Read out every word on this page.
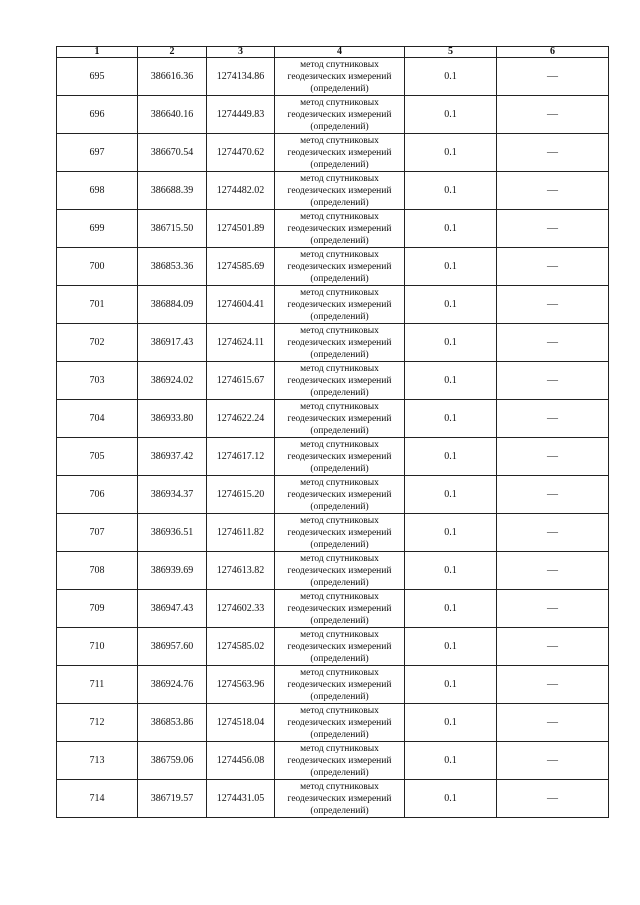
1	2	3	4	5	6
695	386616.36	1274134.86	метод спутниковых геодезических измерений (определений)	0.1	—
696	386640.16	1274449.83	метод спутниковых геодезических измерений (определений)	0.1	—
697	386670.54	1274470.62	метод спутниковых геодезических измерений (определений)	0.1	—
698	386688.39	1274482.02	метод спутниковых геодезических измерений (определений)	0.1	—
699	386715.50	1274501.89	метод спутниковых геодезических измерений (определений)	0.1	—
700	386853.36	1274585.69	метод спутниковых геодезических измерений (определений)	0.1	—
701	386884.09	1274604.41	метод спутниковых геодезических измерений (определений)	0.1	—
702	386917.43	1274624.11	метод спутниковых геодезических измерений (определений)	0.1	—
703	386924.02	1274615.67	метод спутниковых геодезических измерений (определений)	0.1	—
704	386933.80	1274622.24	метод спутниковых геодезических измерений (определений)	0.1	—
705	386937.42	1274617.12	метод спутниковых геодезических измерений (определений)	0.1	—
706	386934.37	1274615.20	метод спутниковых геодезических измерений (определений)	0.1	—
707	386936.51	1274611.82	метод спутниковых геодезических измерений (определений)	0.1	—
708	386939.69	1274613.82	метод спутниковых геодезических измерений (определений)	0.1	—
709	386947.43	1274602.33	метод спутниковых геодезических измерений (определений)	0.1	—
710	386957.60	1274585.02	метод спутниковых геодезических измерений (определений)	0.1	—
711	386924.76	1274563.96	метод спутниковых геодезических измерений (определений)	0.1	—
712	386853.86	1274518.04	метод спутниковых геодезических измерений (определений)	0.1	—
713	386759.06	1274456.08	метод спутниковых геодезических измерений (определений)	0.1	—
714	386719.57	1274431.05	метод спутниковых геодезических измерений (определений)	0.1	—
